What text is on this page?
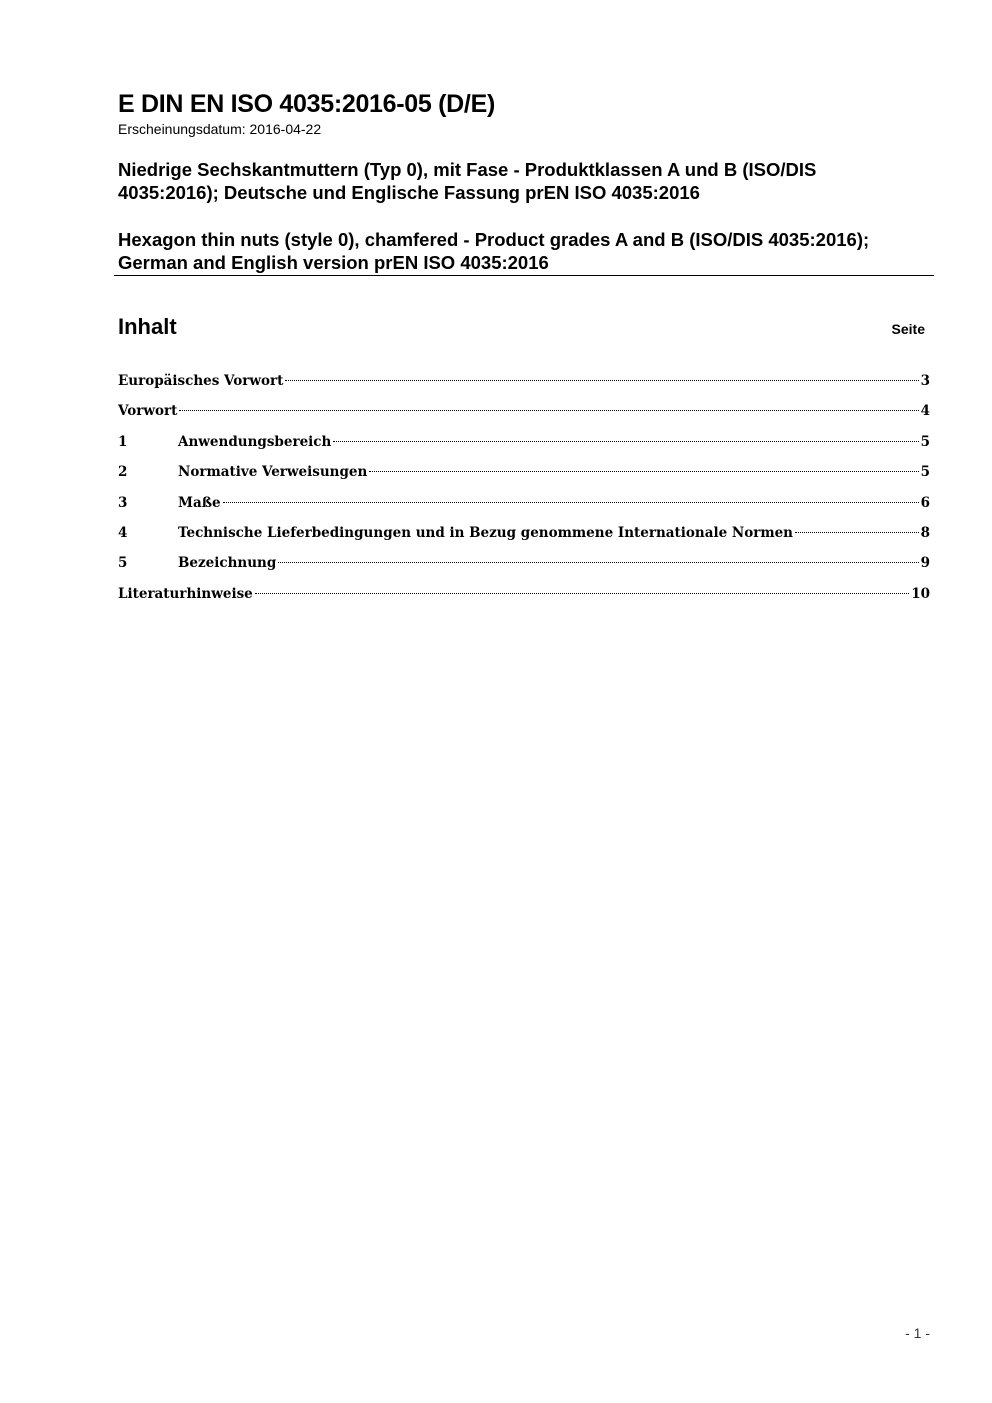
E DIN EN ISO 4035:2016-05 (D/E)
Erscheinungsdatum: 2016-04-22
Niedrige Sechskantmuttern (Typ 0), mit Fase - Produktklassen A und B (ISO/DIS 4035:2016); Deutsche und Englische Fassung prEN ISO 4035:2016
Hexagon thin nuts (style 0), chamfered - Product grades A and B (ISO/DIS 4035:2016); German and English version prEN ISO 4035:2016
Inhalt	Seite
Europäisches Vorwort	3
Vorwort	4
1	Anwendungsbereich	5
2	Normative Verweisungen	5
3	Maße	6
4	Technische Lieferbedingungen und in Bezug genommene Internationale Normen	8
5	Bezeichnung	9
Literaturhinweise	10
- 1 -
